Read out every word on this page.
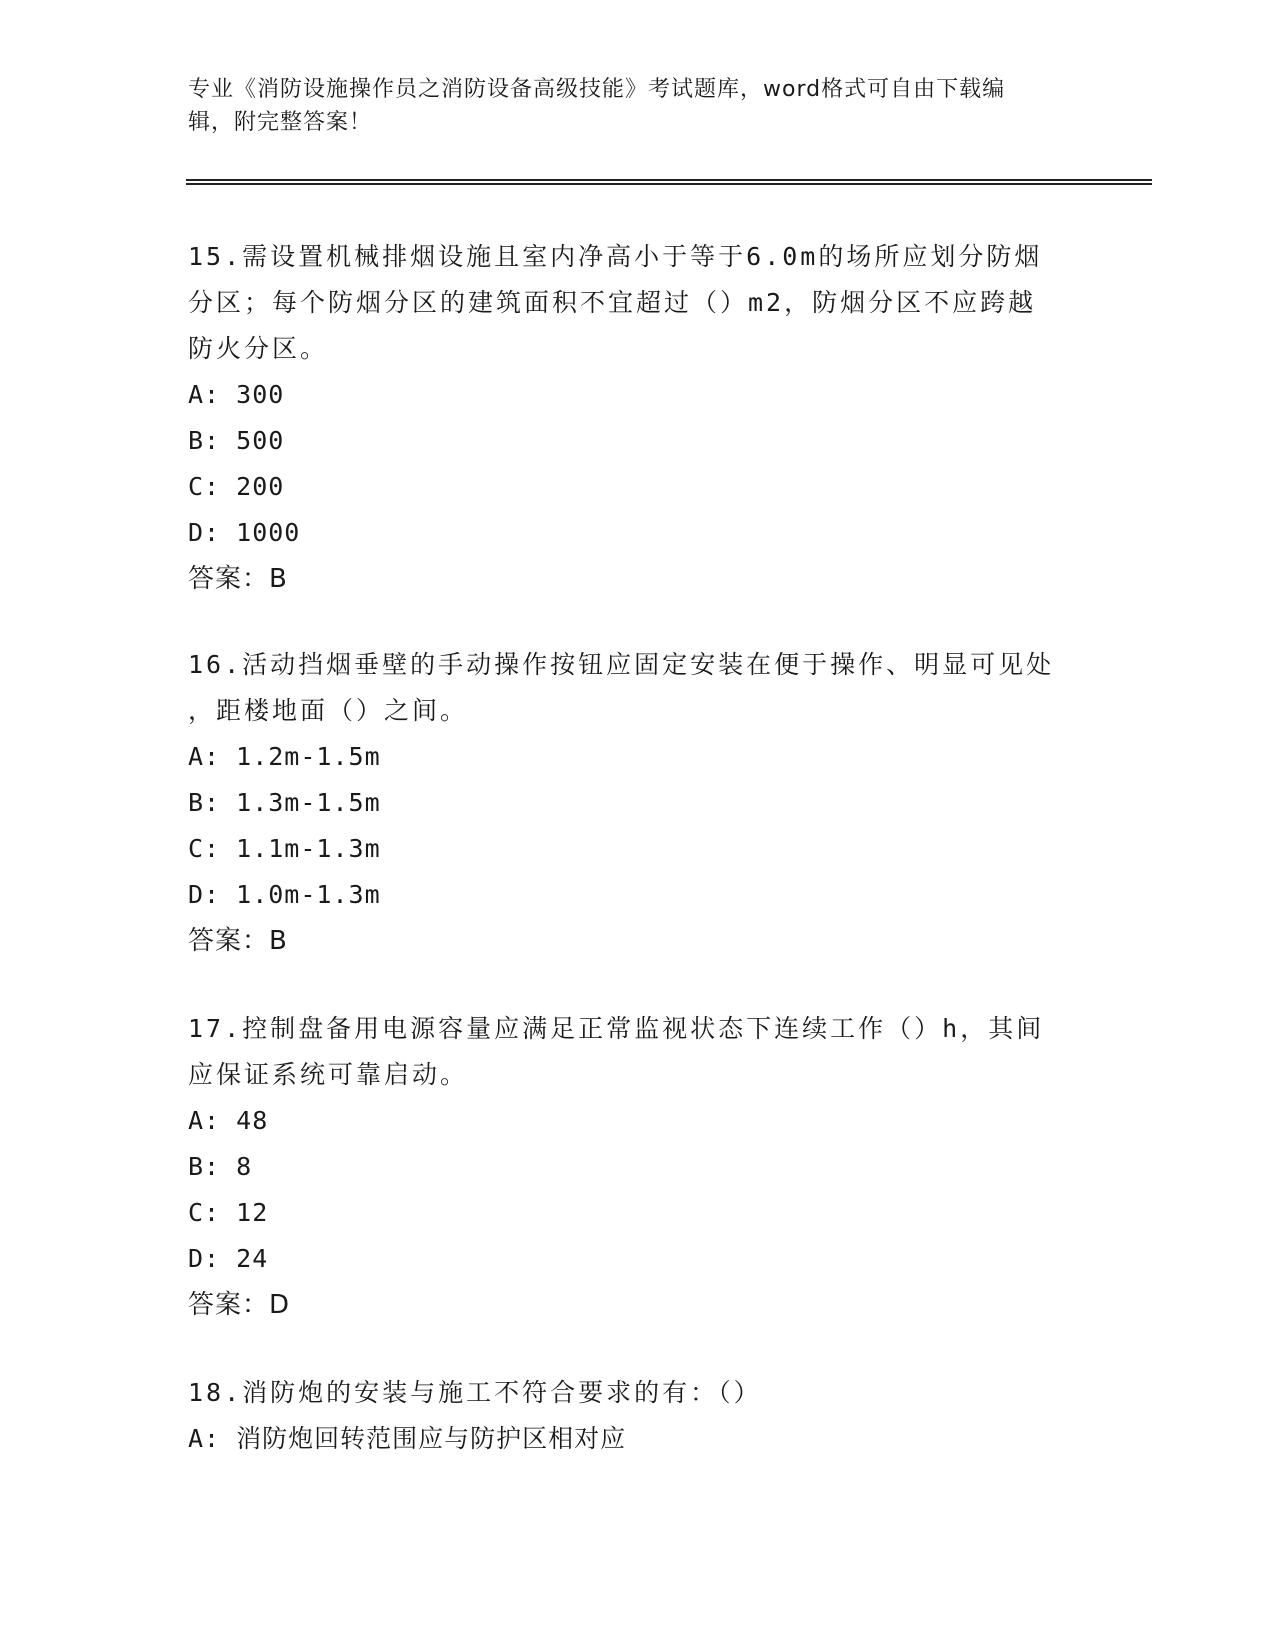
专业《消防设施操作员之消防设备高级技能》考试题库，word格式可自由下载编
辑，附完整答案！

15.需设置机械排烟设施且室内净高小于等于6.0m的场所应划分防烟

分区；每个防烟分区的建筑面积不宜超过（）m2，防烟分区不应跨越

防火分区。

A: 300

B: 500

C: 200

D: 1000

答案：B

16.活动挡烟垂壁的手动操作按钮应固定安装在便于操作、明显可见处

，距楼地面（）之间。

A: 1.2m-1.5m

B: 1.3m-1.5m

C: 1.1m-1.3m

D: 1.0m-1.3m

答案：B

17.控制盘备用电源容量应满足正常监视状态下连续工作（）h，其间

应保证系统可靠启动。

A: 48

B: 8

C: 12

D: 24

答案：D

18.消防炮的安装与施工不符合要求的有：（）

A: 消防炮回转范围应与防护区相对应
